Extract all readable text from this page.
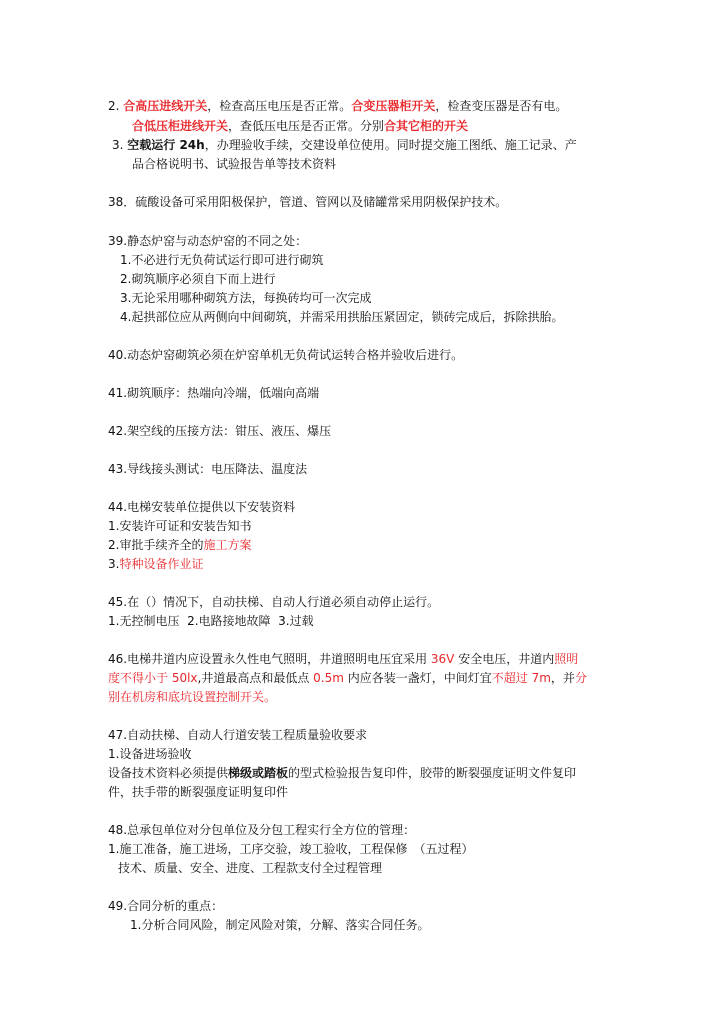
2. 合高压进线开关，检查高压电压是否正常。合变压器柜开关，检查变压器是否有电。
合低压柜进线开关，查低压电压是否正常。分别合其它柜的开关
3. 空载运行 24h，办理验收手续，交建设单位使用。同时提交施工图纸、施工记录、产
品合格说明书、试验报告单等技术资料
38．硫酸设备可采用阳极保护，管道、管网以及储罐常采用阴极保护技术。
39.静态炉窑与动态炉窑的不同之处：
1.不必进行无负荷试运行即可进行砌筑
2.砌筑顺序必须自下而上进行
3.无论采用哪种砌筑方法，每换砖均可一次完成
4.起拱部位应从两侧向中间砌筑，并需采用拱胎压紧固定，锁砖完成后，拆除拱胎。
40.动态炉窑砌筑必须在炉窑单机无负荷试运转合格并验收后进行。
41.砌筑顺序：热端向冷端，低端向高端
42.架空线的压接方法：钳压、液压、爆压
43.导线接头测试：电压降法、温度法
44.电梯安装单位提供以下安装资料
1.安装许可证和安装告知书
2.审批手续齐全的施工方案
3.特种设备作业证
45.在（）情况下，自动扶梯、自动人行道必须自动停止运行。
1.无控制电压  2.电路接地故障  3.过载
46.电梯井道内应设置永久性电气照明，井道照明电压宜采用 36V 安全电压，井道内照明
度不得小于 50lx,井道最高点和最低点 0.5m 内应各装一盏灯，中间灯宜不超过 7m，并分
别在机房和底坑设置控制开关。
47.自动扶梯、自动人行道安装工程质量验收要求
1.设备进场验收
设备技术资料必须提供梯级或踏板的型式检验报告复印件，胶带的断裂强度证明文件复印
件，扶手带的断裂强度证明复印件
48.总承包单位对分包单位及分包工程实行全方位的管理：
1.施工准备，施工进场，工序交验，竣工验收，工程保修　（五过程）
技术、质量、安全、进度、工程款支付全过程管理
49.合同分析的重点：
1.分析合同风险，制定风险对策，分解、落实合同任务。
